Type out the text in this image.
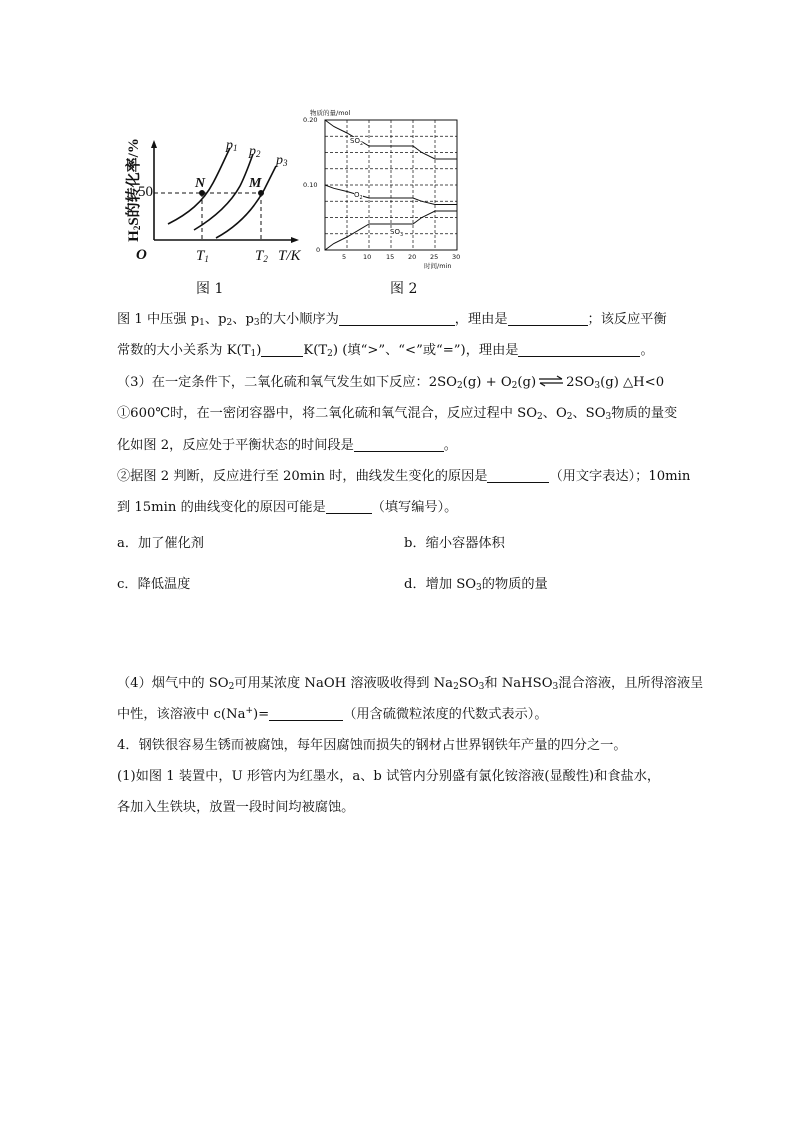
$H_2S$的转化率/%
50
O
$p_1$ $p_2$ $p_3$
N	M
$T_1$	$T_2$ T/K
图 1
物质的量/mol
0.20
0.10
0
5	10 15 20 25 30
时间/min
$SO_2$
$O_2$
$SO_3$
图 2
图 1 中压强 $p_1$、$p_2$、$p_3$的大小顺序为	，理由是	；该反应平衡
常数的大小关系为 $K(T_1)$	$K(T_2)$ (填“>”、“<”或“=”)，理由是	。
（3）在一定条件下，二氧化硫和氧气发生如下反应：$2SO_2(g) + O_2(g)$ ⇌ $2SO_3(g)$ △H<0
①600℃时，在一密闭容器中，将二氧化硫和氧气混合，反应过程中 $SO_2$、$O_2$、$SO_3$物质的量变
化如图 2，反应处于平衡状态的时间段是	。
②据图 2 判断，反应进行至 20min 时，曲线发生变化的原因是	（用文字表达）；10min
到 15min 的曲线变化的原因可能是	（填写编号）。
a．加了催化剂	b．缩小容器体积
c．降低温度	d．增加 $SO_3$的物质的量
（4）烟气中的 $SO_2$可用某浓度 NaOH 溶液吸收得到 $Na_2SO_3$和 NaHSO$_3$混合溶液，且所得溶液呈
中性，该溶液中 c(Na+)=	（用含硫微粒浓度的代数式表示）。
4．钢铁很容易生锈而被腐蚀，每年因腐蚀而损失的钢材占世界钢铁年产量的四分之一。
(1)如图 1 装置中，U 形管内为红墨水，a、b 试管内分别盛有氯化铵溶液(显酸性)和食盐水，
各加入生铁块，放置一段时间均被腐蚀。
